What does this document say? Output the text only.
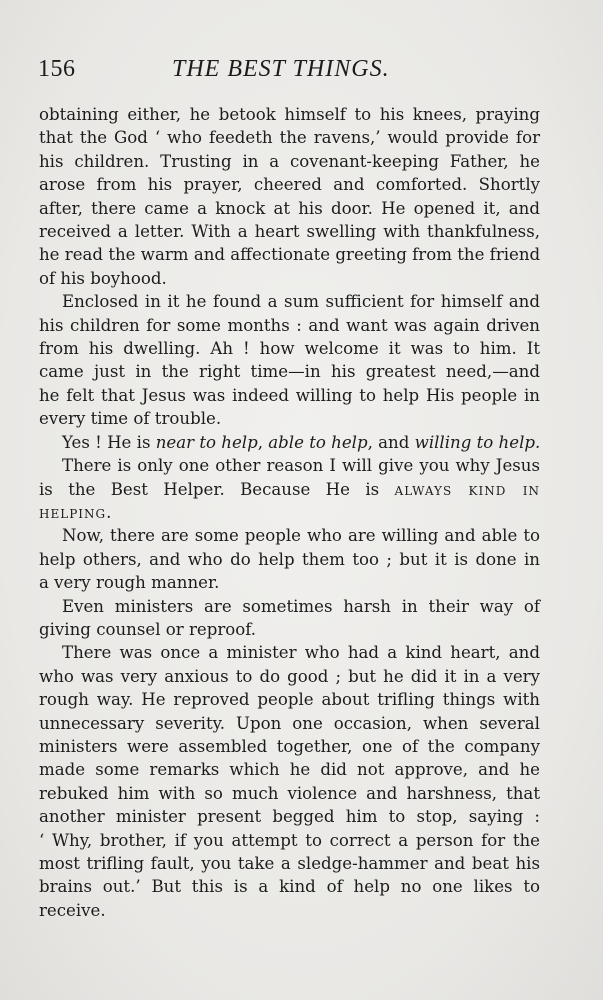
156	THE BEST THINGS.
obtaining either, he betook himself to his knees, praying
that the God ‘ who feedeth the ravens,’ would provide for
his children. Trusting in a covenant-keeping Father, he
arose from his prayer, cheered and comforted. Shortly
after, there came a knock at his door. He opened it, and
received a letter. With a heart swelling with thankfulness,
he read the warm and affectionate greeting from the friend
of his boyhood.
Enclosed in it he found a sum sufficient for himself and
his children for some months : and want was again driven
from his dwelling. Ah ! how welcome it was to him. It
came just in the right time—in his greatest need,—and
he felt that Jesus was indeed willing to help His people in
every time of trouble.
Yes ! He is near to help, able to help, and willing to help.
There is only one other reason I will give you why Jesus
is the Best Helper. Because He is always kind in
helping.
Now, there are some people who are willing and able to
help others, and who do help them too ; but it is done in
a very rough manner.
Even ministers are sometimes harsh in their way of
giving counsel or reproof.
There was once a minister who had a kind heart, and
who was very anxious to do good ; but he did it in a very
rough way. He reproved people about trifling things with
unnecessary severity. Upon one occasion, when several
ministers were assembled together, one of the company
made some remarks which he did not approve, and he
rebuked him with so much violence and harshness, that
another minister present begged him to stop, saying :
‘ Why, brother, if you attempt to correct a person for the
most trifling fault, you take a sledge-hammer and beat his
brains out.’ But this is a kind of help no one likes to
receive.
